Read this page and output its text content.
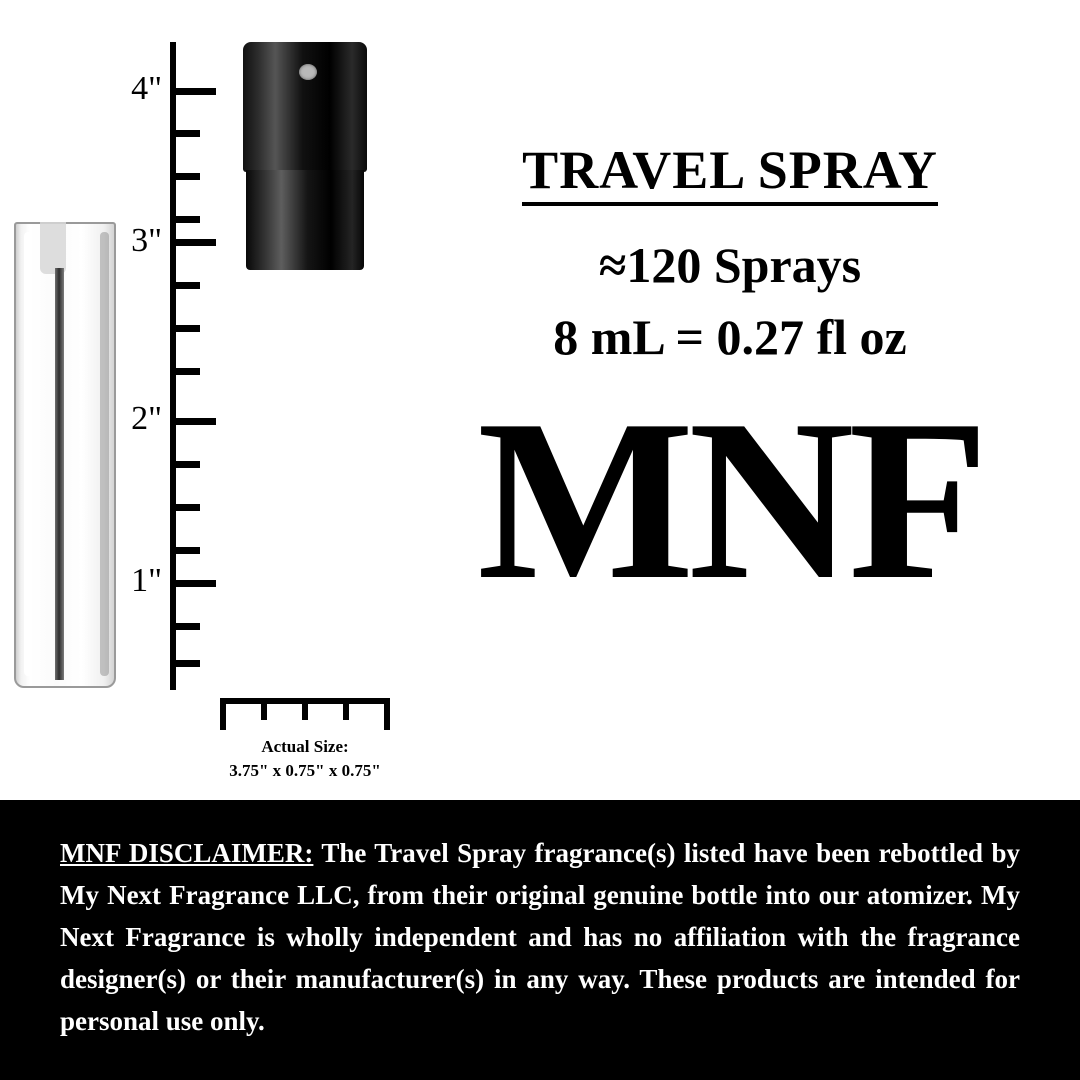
4"
3"
2"
1"
Actual Size:
3.75" x 0.75" x 0.75"
TRAVEL SPRAY
≈120 Sprays
8 mL = 0.27 fl oz
MNF

MNF DISCLAIMER: The Travel Spray fragrance(s) listed have been rebottled by My Next Fragrance LLC, from their original genuine bottle into our atomizer. My Next Fragrance is wholly independent and has no affiliation with the fragrance designer(s) or their manufacturer(s) in any way. These products are intended for personal use only.
